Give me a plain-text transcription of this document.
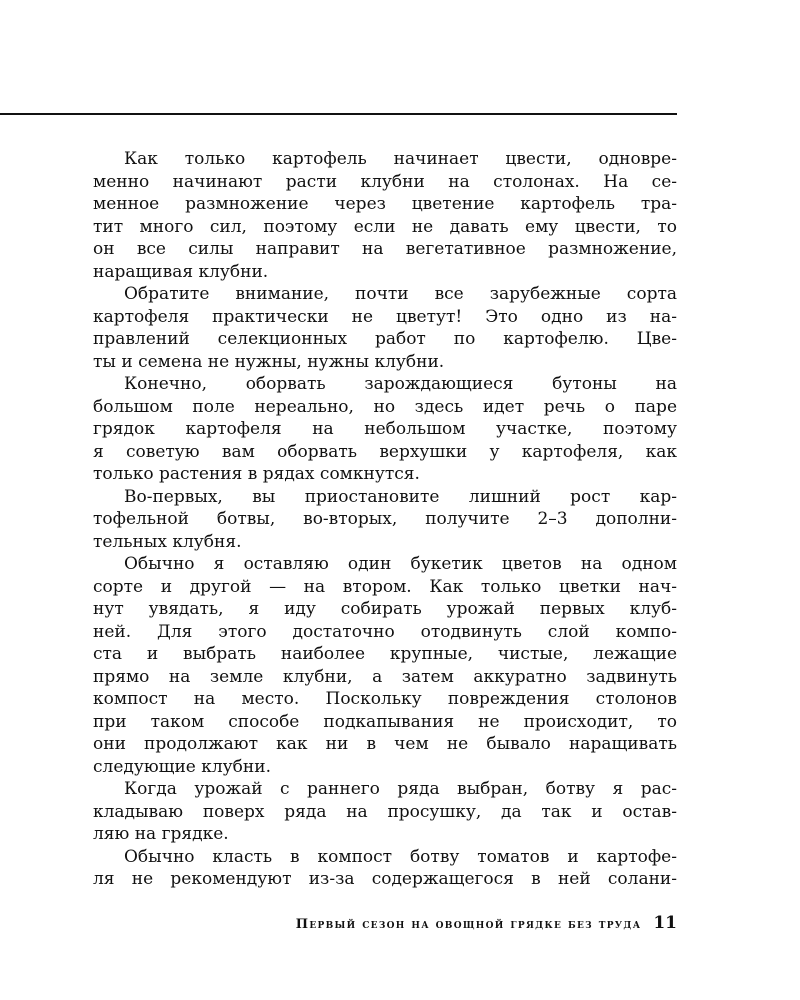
Как только картофель начинает цвести, одновре-
менно начинают расти клубни на столонах. На се-
менное размножение через цветение картофель тра-
тит много сил, поэтому если не давать ему цвести, то
он все силы направит на вегетативное размножение,
наращивая клубни.
Обратите внимание, почти все зарубежные сорта
картофеля практически не цветут! Это одно из на-
правлений селекционных работ по картофелю. Цве-
ты и семена не нужны, нужны клубни.
Конечно, оборвать зарождающиеся бутоны на
большом поле нереально, но здесь идет речь о паре
грядок картофеля на небольшом участке, поэтому
я советую вам оборвать верхушки у картофеля, как
только растения в рядах сомкнутся.
Во-первых, вы приостановите лишний рост кар-
тофельной ботвы, во-вторых, получите 2–3 дополни-
тельных клубня.
Обычно я оставляю один букетик цветов на одном
сорте и другой — на втором. Как только цветки нач-
нут увядать, я иду собирать урожай первых клуб-
ней. Для этого достаточно отодвинуть слой компо-
ста и выбрать наиболее крупные, чистые, лежащие
прямо на земле клубни, а затем аккуратно задвинуть
компост на место. Поскольку повреждения столонов
при таком способе подкапывания не происходит, то
они продолжают как ни в чем не бывало наращивать
следующие клубни.
Когда урожай с раннего ряда выбран, ботву я рас-
кладываю поверх ряда на просушку, да так и остав-
ляю на грядке.
Обычно класть в компост ботву томатов и картофе-
ля не рекомендуют из-за содержащегося в ней солани-
Первый сезон на овощной грядке без труда 11
